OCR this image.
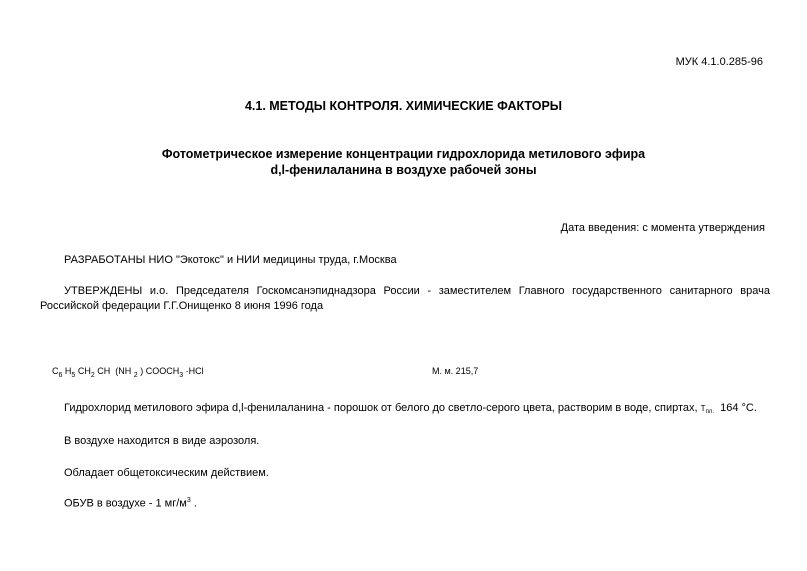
МУК 4.1.0.285-96
4.1. МЕТОДЫ КОНТРОЛЯ. ХИМИЧЕСКИЕ ФАКТОРЫ
Фотометрическое измерение концентрации гидрохлорида метилового эфира
d,l-фенилаланина в воздухе рабочей зоны
Дата введения: с момента утверждения
РАЗРАБОТАНЫ НИО "Экотокс" и НИИ медицины труда, г.Москва
УТВЕРЖДЕНЫ и.о. Председателя Госкомсанэпиднадзора России - заместителем Главного государственного санитарного врача
Российской федерации Г.Г.Онищенко 8 июня 1996 года
$C_6$ $H_5$ $CH_2$ CH (NH $_2$ ) $COOCH_3 \cdot HCl$	М. м. 215,7
Гидрохлорид метилового эфира d,l-фенилаланина - порошок от белого до светло-серого цвета, растворим в воде, спиртах, $T_{пл.}$ 164 °С.
В воздухе находится в виде аэрозоля.
Обладает общетоксическим действием.
ОБУВ в воздухе - 1 $мг/м^3$ .
